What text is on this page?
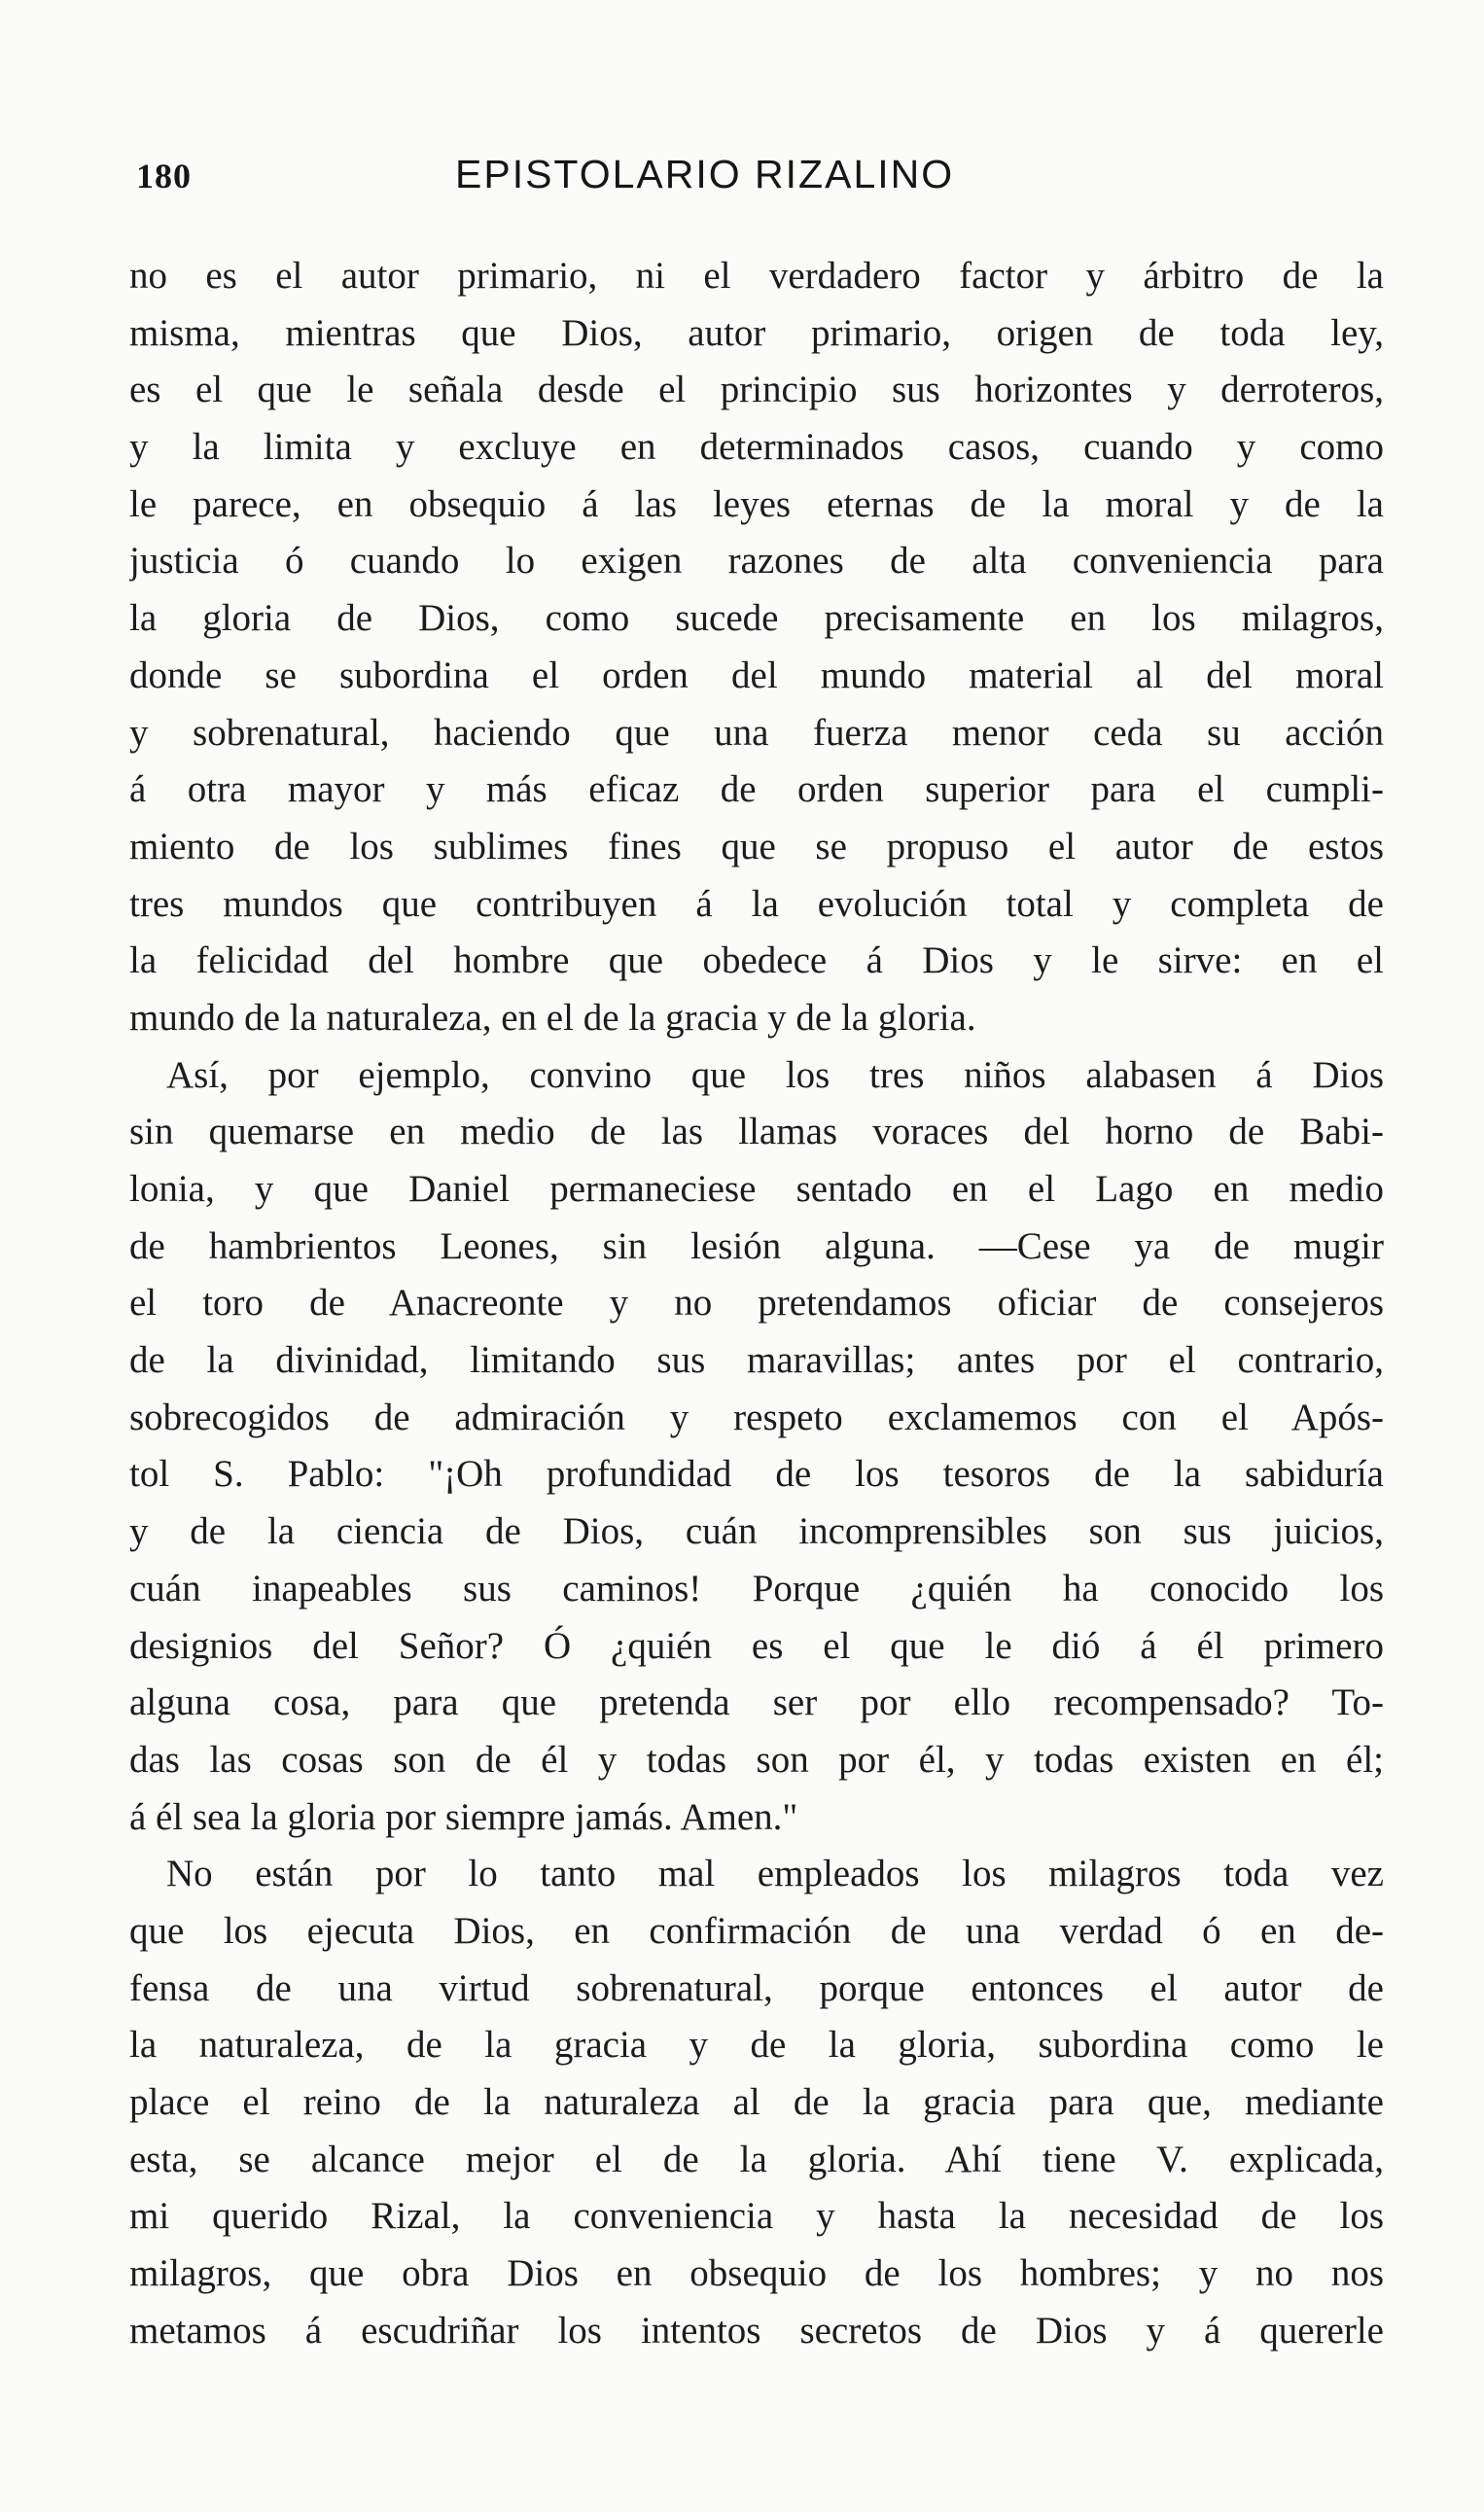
180	EPISTOLARIO RIZALINO
no es el autor primario, ni el verdadero factor y árbitro de la
misma, mientras que Dios, autor primario, origen de toda ley,
es el que le señala desde el principio sus horizontes y derroteros,
y la limita y excluye en determinados casos, cuando y como
le parece, en obsequio á las leyes eternas de la moral y de la
justicia ó cuando lo exigen razones de alta conveniencia para
la gloria de Dios, como sucede precisamente en los milagros,
donde se subordina el orden del mundo material al del moral
y sobrenatural, haciendo que una fuerza menor ceda su acción
á otra mayor y más eficaz de orden superior para el cumpli-
miento de los sublimes fines que se propuso el autor de estos
tres mundos que contribuyen á la evolución total y completa de
la felicidad del hombre que obedece á Dios y le sirve: en el
mundo de la naturaleza, en el de la gracia y de la gloria.
Así, por ejemplo, convino que los tres niños alabasen á Dios
sin quemarse en medio de las llamas voraces del horno de Babi-
lonia, y que Daniel permaneciese sentado en el Lago en medio
de hambrientos Leones, sin lesión alguna. —Cese ya de mugir
el toro de Anacreonte y no pretendamos oficiar de consejeros
de la divinidad, limitando sus maravillas; antes por el contrario,
sobrecogidos de admiración y respeto exclamemos con el Após-
tol S. Pablo: "¡Oh profundidad de los tesoros de la sabiduría
y de la ciencia de Dios, cuán incomprensibles son sus juicios,
cuán inapeables sus caminos! Porque ¿quién ha conocido los
designios del Señor? Ó ¿quién es el que le dió á él primero
alguna cosa, para que pretenda ser por ello recompensado? To-
das las cosas son de él y todas son por él, y todas existen en él;
á él sea la gloria por siempre jamás. Amen."
No están por lo tanto mal empleados los milagros toda vez
que los ejecuta Dios, en confirmación de una verdad ó en de-
fensa de una virtud sobrenatural, porque entonces el autor de
la naturaleza, de la gracia y de la gloria, subordina como le
place el reino de la naturaleza al de la gracia para que, mediante
esta, se alcance mejor el de la gloria. Ahí tiene V. explicada,
mi querido Rizal, la conveniencia y hasta la necesidad de los
milagros, que obra Dios en obsequio de los hombres; y no nos
metamos á escudriñar los intentos secretos de Dios y á quererle
